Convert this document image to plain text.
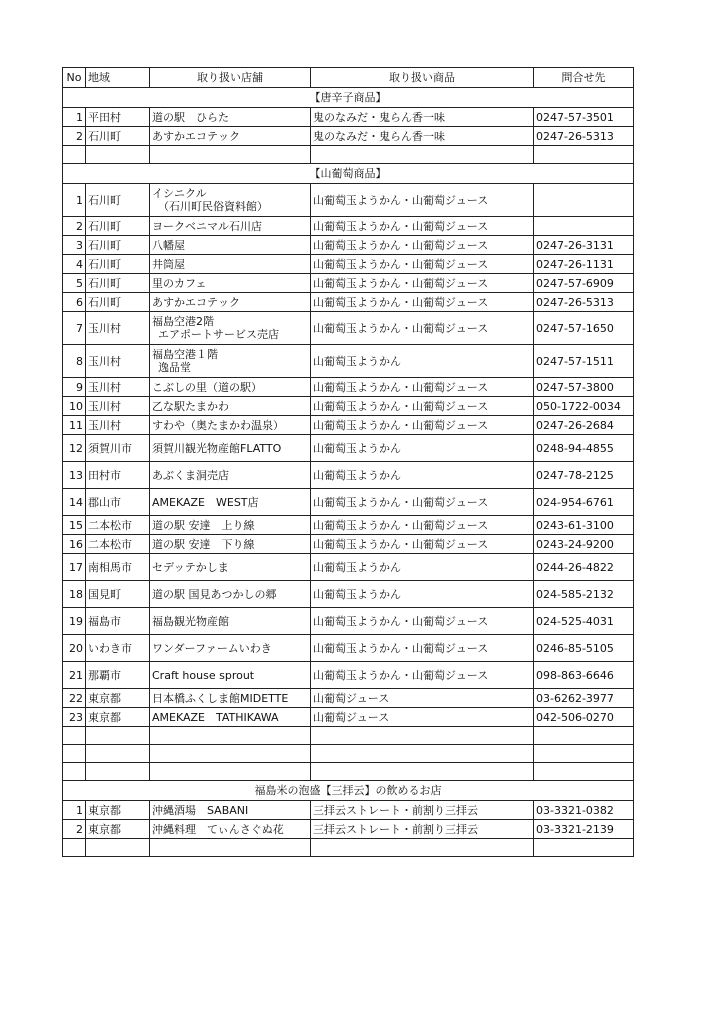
No	地域	取り扱い店舗	取り扱い商品	問合せ先
【唐辛子商品】				
1	平田村	道の駅　ひらた	鬼のなみだ・鬼らん香一味	0247-57-3501
2	石川町	あすかエコテック	鬼のなみだ・鬼らん香一味	0247-26-5313

【山葡萄商品】				
1	石川町	イシニクル
（石川町民俗資料館）	山葡萄玉ようかん・山葡萄ジュース	
2	石川町	ヨークベニマル石川店	山葡萄玉ようかん・山葡萄ジュース	
3	石川町	八幡屋	山葡萄玉ようかん・山葡萄ジュース	0247-26-3131
4	石川町	井筒屋	山葡萄玉ようかん・山葡萄ジュース	0247-26-1131
5	石川町	里のカフェ	山葡萄玉ようかん・山葡萄ジュース	0247-57-6909
6	石川町	あすかエコテック	山葡萄玉ようかん・山葡萄ジュース	0247-26-5313
7	玉川村	福島空港2階
エアポートサービス売店	山葡萄玉ようかん・山葡萄ジュース	0247-57-1650
8	玉川村	福島空港１階
逸品堂	山葡萄玉ようかん	0247-57-1511
9	玉川村	こぶしの里（道の駅）	山葡萄玉ようかん・山葡萄ジュース	0247-57-3800
10	玉川村	乙な駅たまかわ	山葡萄玉ようかん・山葡萄ジュース	050-1722-0034
11	玉川村	すわや（奥たまかわ温泉）	山葡萄玉ようかん・山葡萄ジュース	0247-26-2684
12	須賀川市	須賀川観光物産館FLATTO	山葡萄玉ようかん	0248-94-4855
13	田村市	あぶくま洞売店	山葡萄玉ようかん	0247-78-2125
14	郡山市	AMEKAZE　WEST店	山葡萄玉ようかん・山葡萄ジュース	024-954-6761
15	二本松市	道の駅 安達　上り線	山葡萄玉ようかん・山葡萄ジュース	0243-61-3100
16	二本松市	道の駅 安達　下り線	山葡萄玉ようかん・山葡萄ジュース	0243-24-9200
17	南相馬市	セデッテかしま	山葡萄玉ようかん	0244-26-4822
18	国見町	道の駅 国見あつかしの郷	山葡萄玉ようかん	024-585-2132
19	福島市	福島観光物産館	山葡萄玉ようかん・山葡萄ジュース	024-525-4031
20	いわき市	ワンダーファームいわき	山葡萄玉ようかん・山葡萄ジュース	0246-85-5105
21	那覇市	Craft house sprout	山葡萄玉ようかん・山葡萄ジュース	098-863-6646
22	東京都	日本橋ふくしま館MIDETTE	山葡萄ジュース	03-6262-3977
23	東京都	AMEKAZE　TATHIKAWA	山葡萄ジュース	042-506-0270

福島米の泡盛【三拝云】の飲めるお店				
1	東京都	沖縄酒場　SABANI	三拝云ストレート・前割り三拝云	03-3321-0382
2	東京都	沖縄料理　てぃんさぐぬ花	三拝云ストレート・前割り三拝云	03-3321-2139
